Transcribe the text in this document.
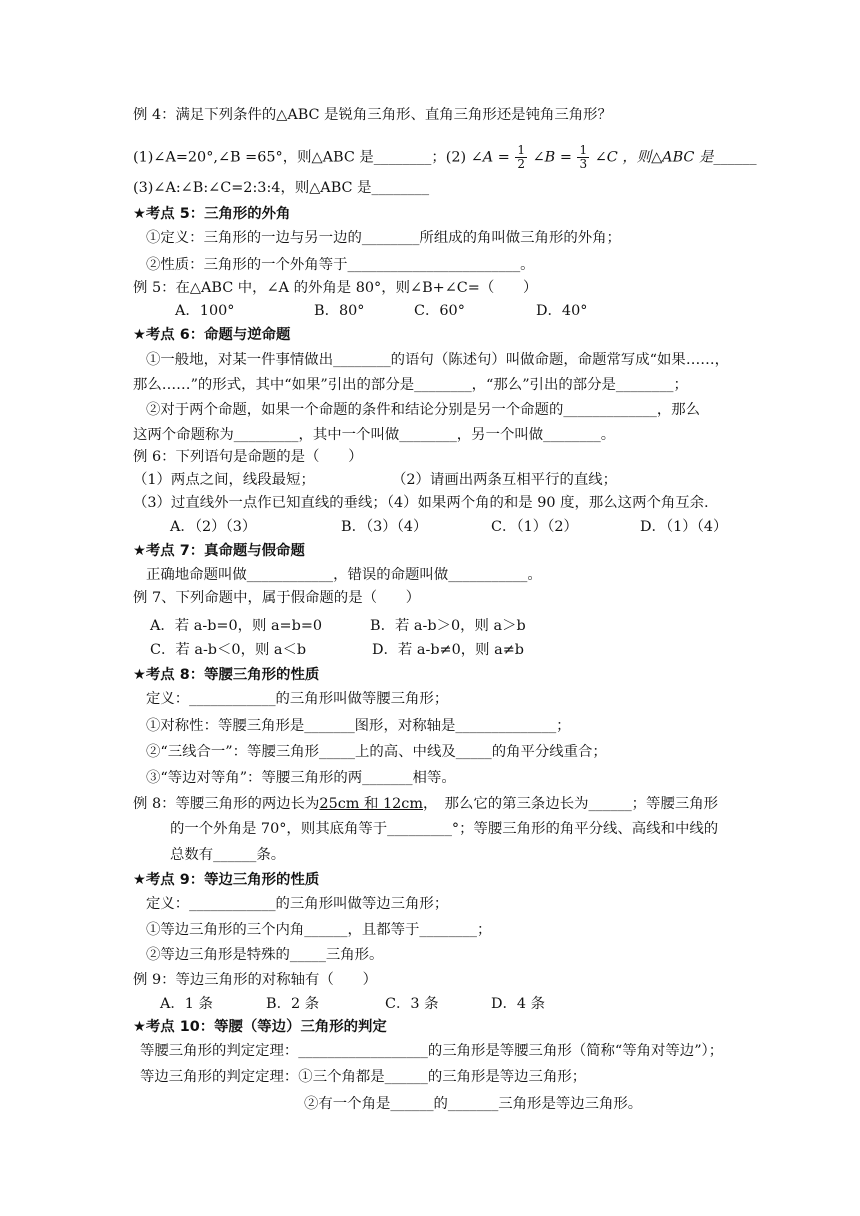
例 4：满足下列条件的△ABC 是锐角三角形、直角三角形还是钝角三角形？
(1)∠A=20°,∠B =65°，则△ABC 是________；(2) ∠A = $\frac{1}{2}$ ∠B = $\frac{1}{3}$ ∠C ，则△ABC 是______
(3)∠A:∠B:∠C=2:3:4，则△ABC 是________
★考点 5：三角形的外角
①定义：三角形的一边与另一边的________所组成的角叫做三角形的外角；
②性质：三角形的一个外角等于________________________。
例 5：在△ABC 中，∠A 的外角是 80°，则∠B+∠C=（　　）
A．100°	B．80°	C．60°	D．40°
★考点 6：命题与逆命题
①一般地，对某一件事情做出________的语句（陈述句）叫做命题，命题常写成“如果……，
那么……”的形式，其中“如果”引出的部分是________，“那么”引出的部分是________；
②对于两个命题，如果一个命题的条件和结论分别是另一个命题的_____________，那么
这两个命题称为_________，其中一个叫做________，另一个叫做________。
例 6：下列语句是命题的是（　　）
（1）两点之间，线段最短；	（2）请画出两条互相平行的直线；
（3）过直线外一点作已知直线的垂线；（4）如果两个角的和是 90 度，那么这两个角互余.
A．（2）（3）	B．（3）（4）	C．（1）（2）	D．（1）（4）
★考点 7：真命题与假命题
正确地命题叫做____________，错误的命题叫做___________。
例 7、下列命题中，属于假命题的是（　　）
A．若 a-b=0，则 a=b=0	B．若 a-b＞0，则 a＞b
C．若 a-b＜0，则 a＜b	D．若 a-b≠0，则 a≠b
★考点 8：等腰三角形的性质
定义：____________的三角形叫做等腰三角形；
①对称性：等腰三角形是_______图形，对称轴是______________；
②“三线合一”：等腰三角形_____上的高、中线及_____的角平分线重合；
③“等边对等角”：等腰三角形的两_______相等。
例 8：等腰三角形的两边长为25cm 和 12cm，　那么它的第三条边长为______；等腰三角形
的一个外角是 70°，则其底角等于_________°；等腰三角形的角平分线、高线和中线的
总数有______条。
★考点 9：等边三角形的性质
定义：____________的三角形叫做等边三角形；
①等边三角形的三个内角______，且都等于________；
②等边三角形是特殊的_____三角形。
例 9：等边三角形的对称轴有（　　）
A．1 条	B．2 条	C．3 条	D．4 条
★考点 10：等腰（等边）三角形的判定
等腰三角形的判定定理：__________________的三角形是等腰三角形（简称“等角对等边”）；
等边三角形的判定定理：①三个角都是______的三角形是等边三角形；
②有一个角是______的_______三角形是等边三角形。
